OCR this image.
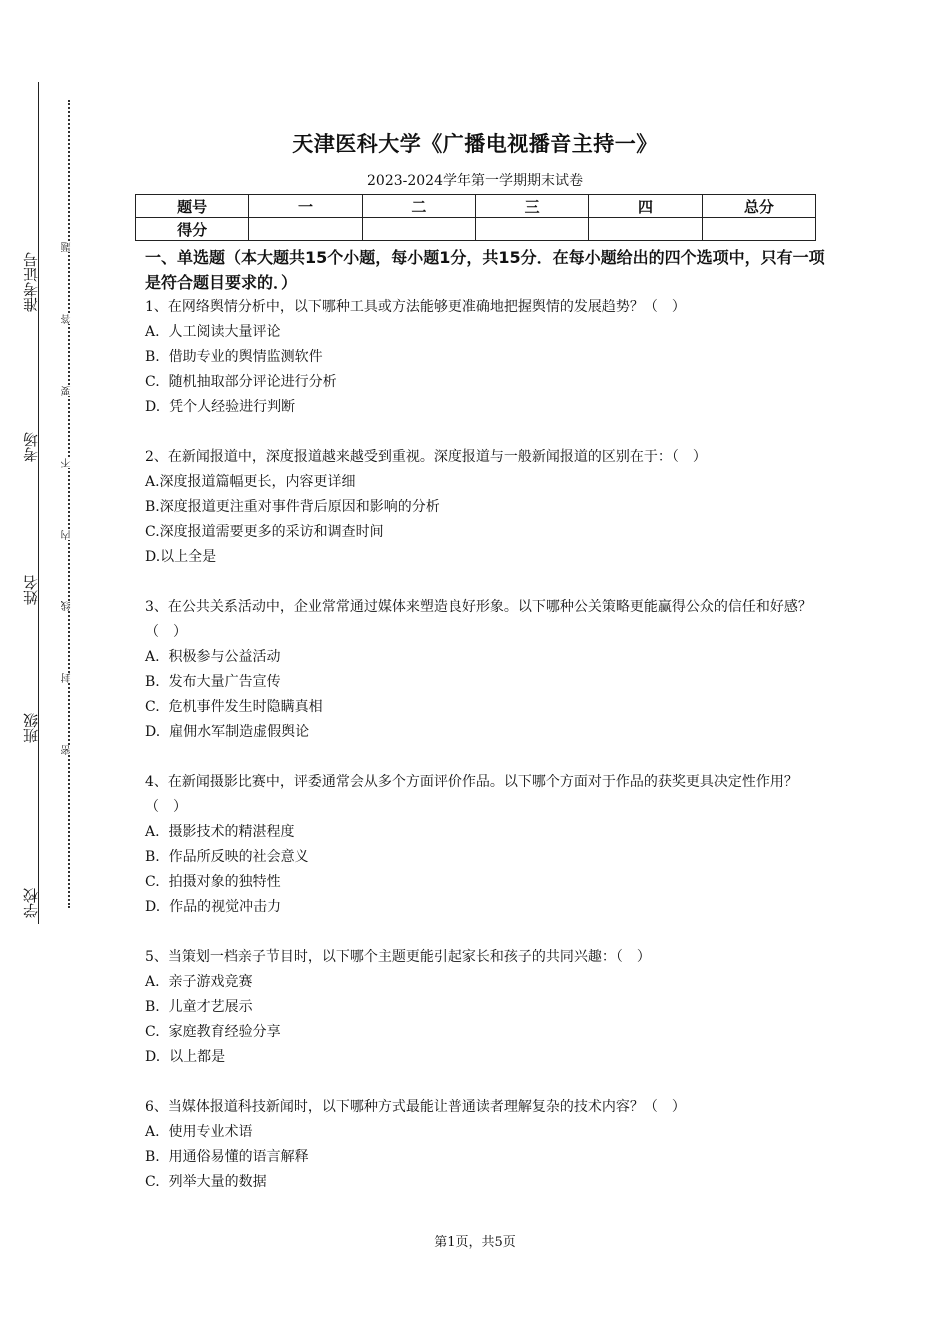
准考证号
考场
姓名
班级
学校
题
答
要
不
内
线
封
密
天津医科大学《广播电视播音主持一》
2023-2024学年第一学期期末试卷
题号	一	二	三	四	总分
得分					
一、单选题（本大题共15个小题，每小题1分，共15分．在每小题给出的四个选项中，只有一项是符合题目要求的．）

1、在网络舆情分析中，以下哪种工具或方法能够更准确地把握舆情的发展趋势？（　）

A.  人工阅读大量评论

B.  借助专业的舆情监测软件

C.  随机抽取部分评论进行分析

D.  凭个人经验进行判断

2、在新闻报道中，深度报道越来越受到重视。深度报道与一般新闻报道的区别在于：（　）

A.深度报道篇幅更长，内容更详细

B.深度报道更注重对事件背后原因和影响的分析

C.深度报道需要更多的采访和调查时间

D.以上全是

3、在公共关系活动中，企业常常通过媒体来塑造良好形象。以下哪种公关策略更能赢得公众的信任和好感？（　）

A.  积极参与公益活动

B.  发布大量广告宣传

C.  危机事件发生时隐瞒真相

D.  雇佣水军制造虚假舆论

4、在新闻摄影比赛中，评委通常会从多个方面评价作品。以下哪个方面对于作品的获奖更具决定性作用？（　）

A.  摄影技术的精湛程度

B.  作品所反映的社会意义

C.  拍摄对象的独特性

D.  作品的视觉冲击力

5、当策划一档亲子节目时，以下哪个主题更能引起家长和孩子的共同兴趣：（　）

A.  亲子游戏竞赛

B.  儿童才艺展示

C.  家庭教育经验分享

D.  以上都是

6、当媒体报道科技新闻时，以下哪种方式最能让普通读者理解复杂的技术内容？（　）

A.  使用专业术语

B.  用通俗易懂的语言解释

C.  列举大量的数据

第1页，共5页
